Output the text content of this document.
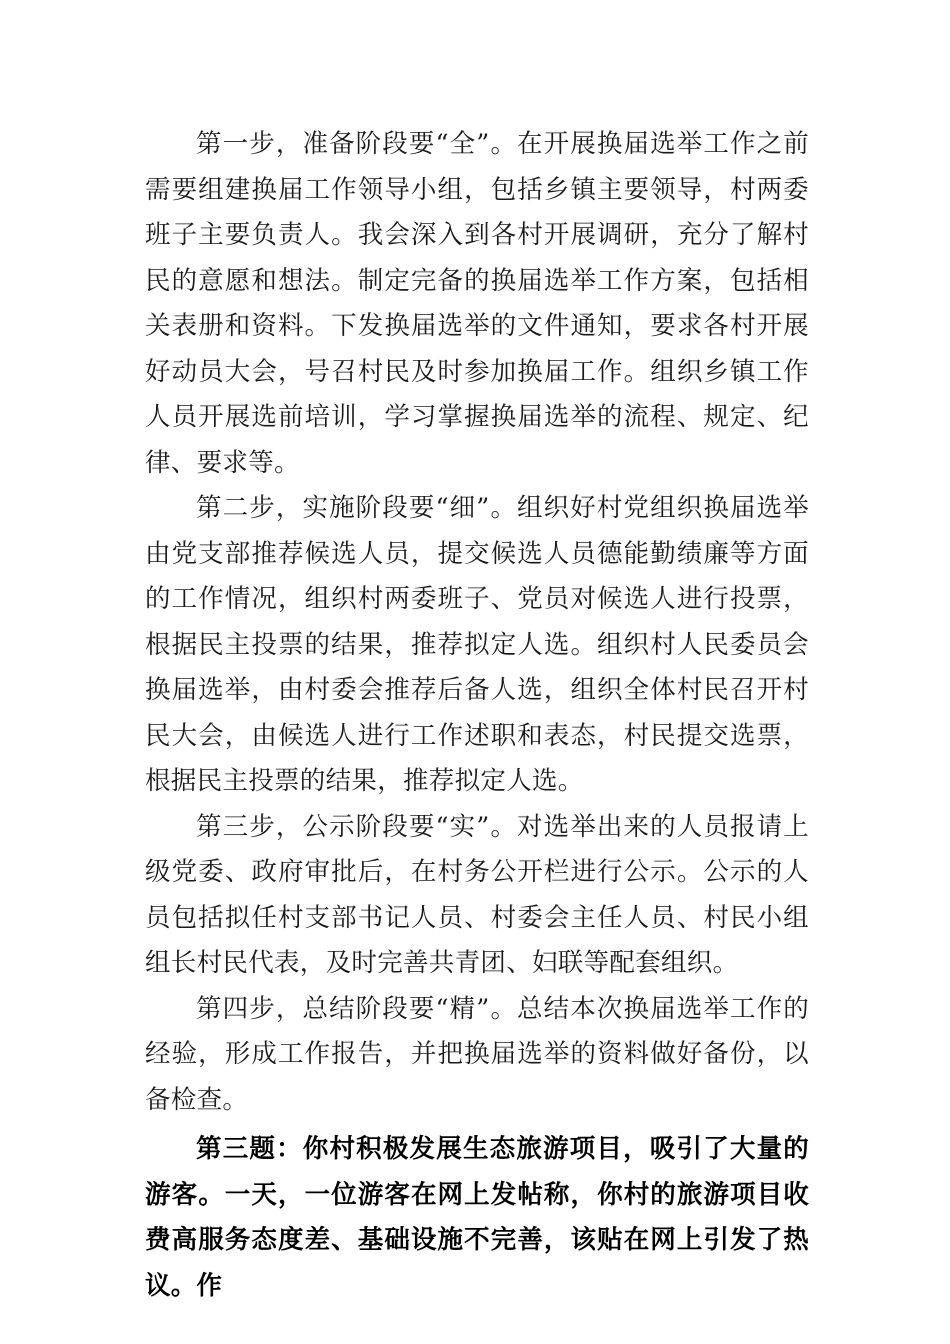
第一步，准备阶段要“全”。在开展换届选举工作之前需要组建换届工作领导小组，包括乡镇主要领导，村两委班子主要负责人。我会深入到各村开展调研，充分了解村民的意愿和想法。制定完备的换届选举工作方案，包括相关表册和资料。下发换届选举的文件通知，要求各村开展好动员大会，号召村民及时参加换届工作。组织乡镇工作人员开展选前培训，学习掌握换届选举的流程、规定、纪律、要求等。

第二步，实施阶段要“细”。组织好村党组织换届选举由党支部推荐候选人员，提交候选人员德能勤绩廉等方面的工作情况，组织村两委班子、党员对候选人进行投票，根据民主投票的结果，推荐拟定人选。组织村人民委员会换届选举，由村委会推荐后备人选，组织全体村民召开村民大会，由候选人进行工作述职和表态，村民提交选票，根据民主投票的结果，推荐拟定人选。

第三步，公示阶段要“实”。对选举出来的人员报请上级党委、政府审批后，在村务公开栏进行公示。公示的人员包括拟任村支部书记人员、村委会主任人员、村民小组组长村民代表，及时完善共青团、妇联等配套组织。

第四步，总结阶段要“精”。总结本次换届选举工作的经验，形成工作报告，并把换届选举的资料做好备份，以备检查。

第三题：你村积极发展生态旅游项目，吸引了大量的游客。一天，一位游客在网上发帖称，你村的旅游项目收费高服务态度差、基础设施不完善，该贴在网上引发了热议。作
